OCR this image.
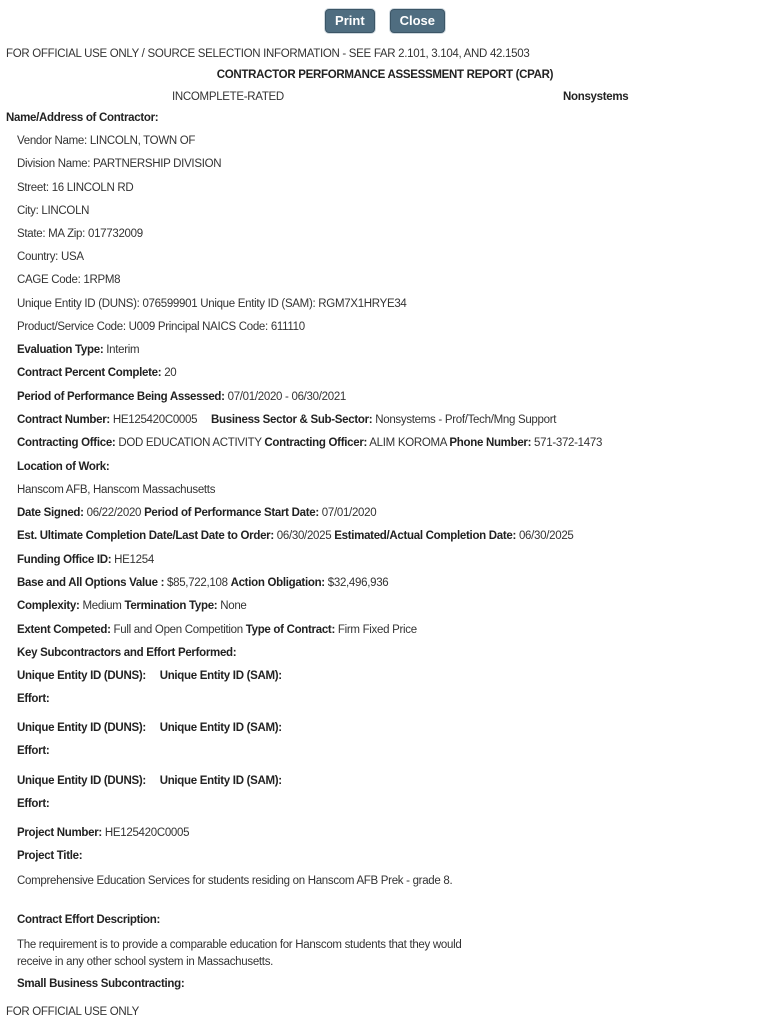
Print	Close
FOR OFFICIAL USE ONLY / SOURCE SELECTION INFORMATION - SEE FAR 2.101, 3.104, AND 42.1503
CONTRACTOR PERFORMANCE ASSESSMENT REPORT (CPAR)
INCOMPLETE-RATED	Nonsystems
Name/Address of Contractor:
Vendor Name: LINCOLN, TOWN OF
Division Name: PARTNERSHIP DIVISION
Street: 16 LINCOLN RD
City: LINCOLN
State: MA Zip: 017732009
Country: USA
CAGE Code: 1RPM8
Unique Entity ID (DUNS): 076599901 Unique Entity ID (SAM): RGM7X1HRYE34
Product/Service Code: U009 Principal NAICS Code: 611110
Evaluation Type: Interim
Contract Percent Complete: 20
Period of Performance Being Assessed: 07/01/2020 - 06/30/2021
Contract Number: HE125420C0005 Business Sector & Sub-Sector: Nonsystems - Prof/Tech/Mng Support
Contracting Office: DOD EDUCATION ACTIVITY Contracting Officer: ALIM KOROMA Phone Number: 571-372-1473
Location of Work:
Hanscom AFB, Hanscom Massachusetts
Date Signed: 06/22/2020 Period of Performance Start Date: 07/01/2020
Est. Ultimate Completion Date/Last Date to Order: 06/30/2025 Estimated/Actual Completion Date: 06/30/2025
Funding Office ID: HE1254
Base and All Options Value : $85,722,108 Action Obligation: $32,496,936
Complexity: Medium Termination Type: None
Extent Competed: Full and Open Competition Type of Contract: Firm Fixed Price
Key Subcontractors and Effort Performed:
Unique Entity ID (DUNS): Unique Entity ID (SAM):
Effort:
Unique Entity ID (DUNS): Unique Entity ID (SAM):
Effort:
Unique Entity ID (DUNS): Unique Entity ID (SAM):
Effort:
Project Number: HE125420C0005
Project Title:
Comprehensive Education Services for students residing on Hanscom AFB Prek - grade 8.
Contract Effort Description:
The requirement is to provide a comparable education for Hanscom students that they would receive in any other school system in Massachusetts.
Small Business Subcontracting:
FOR OFFICIAL USE ONLY
